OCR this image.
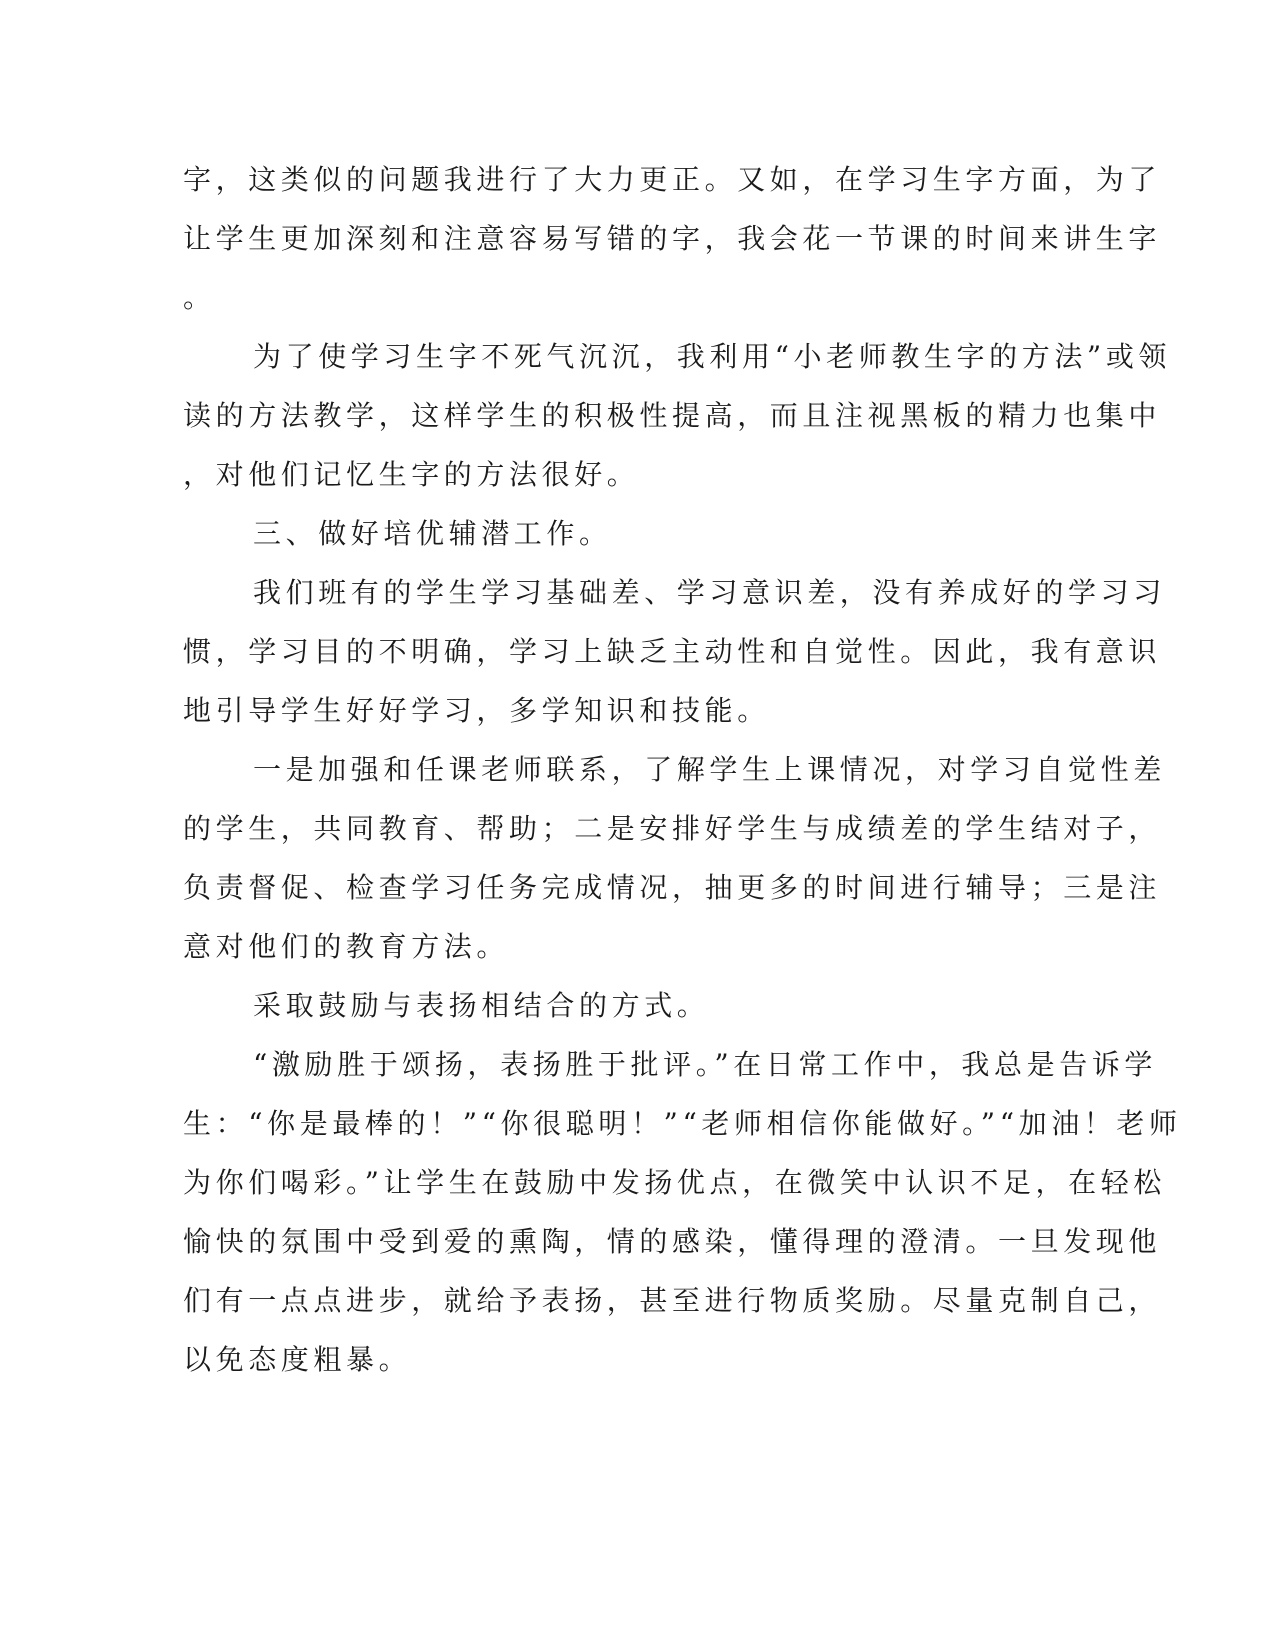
字，这类似的问题我进行了大力更正。又如，在学习生字方面，为了
让学生更加深刻和注意容易写错的字，我会花一节课的时间来讲生字
。
为了使学习生字不死气沉沉，我利用“小老师教生字的方法”或领
读的方法教学，这样学生的积极性提高，而且注视黑板的精力也集中
，对他们记忆生字的方法很好。
三、做好培优辅潜工作。
我们班有的学生学习基础差、学习意识差，没有养成好的学习习
惯，学习目的不明确，学习上缺乏主动性和自觉性。因此，我有意识
地引导学生好好学习，多学知识和技能。
一是加强和任课老师联系，了解学生上课情况，对学习自觉性差
的学生，共同教育、帮助；二是安排好学生与成绩差的学生结对子，
负责督促、检查学习任务完成情况，抽更多的时间进行辅导；三是注
意对他们的教育方法。
采取鼓励与表扬相结合的方式。
“激励胜于颂扬，表扬胜于批评。”在日常工作中，我总是告诉学
生：“你是最棒的！”“你很聪明！”“老师相信你能做好。”“加油！老师
为你们喝彩。”让学生在鼓励中发扬优点，在微笑中认识不足，在轻松
愉快的氛围中受到爱的熏陶，情的感染，懂得理的澄清。一旦发现他
们有一点点进步，就给予表扬，甚至进行物质奖励。尽量克制自己，
以免态度粗暴。
